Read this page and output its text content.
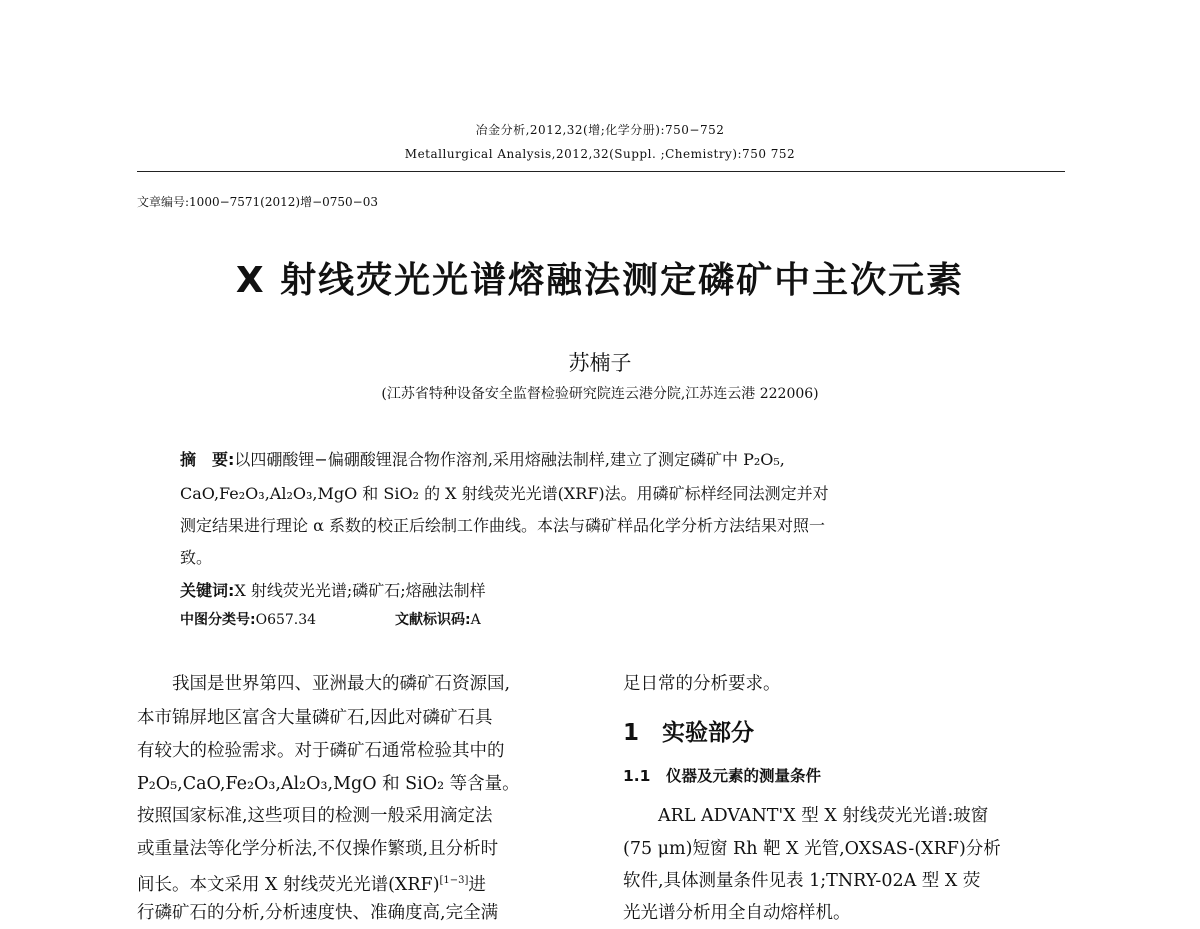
冶金分析,2012,32(增;化学分册):750−752
Metallurgical Analysis,2012,32(Suppl. ;Chemistry):750 752
文章编号:1000−7571(2012)增−0750−03
X 射线荧光光谱熔融法测定磷矿中主次元素
苏楠子
(江苏省特种设备安全监督检验研究院连云港分院,江苏连云港 222006)
摘　要:以四硼酸锂−偏硼酸锂混合物作溶剂,采用熔融法制样,建立了测定磷矿中 P₂O₅,
CaO,Fe₂O₃,Al₂O₃,MgO 和 SiO₂ 的 X 射线荧光光谱(XRF)法。用磷矿标样经同法测定并对
测定结果进行理论 α 系数的校正后绘制工作曲线。本法与磷矿样品化学分析方法结果对照一
致。
关键词:X 射线荧光光谱;磷矿石;熔融法制样
中图分类号:O657.34	文献标识码:A
　　我国是世界第四、亚洲最大的磷矿石资源国,
本市锦屏地区富含大量磷矿石,因此对磷矿石具
有较大的检验需求。对于磷矿石通常检验其中的
P₂O₅,CaO,Fe₂O₃,Al₂O₃,MgO 和 SiO₂ 等含量。
按照国家标准,这些项目的检测一般采用滴定法
或重量法等化学分析法,不仅操作繁琐,且分析时
间长。本文采用 X 射线荧光光谱(XRF)[1−3]进
行磷矿石的分析,分析速度快、准确度高,完全满
足日常的分析要求。
1　实验部分
1.1　仪器及元素的测量条件
　　ARL ADVANT'X 型 X 射线荧光光谱:玻窗
(75 μm)短窗 Rh 靶 X 光管,OXSAS-(XRF)分析
软件,具体测量条件见表 1;TNRY-02A 型 X 荧
光光谱分析用全自动熔样机。
